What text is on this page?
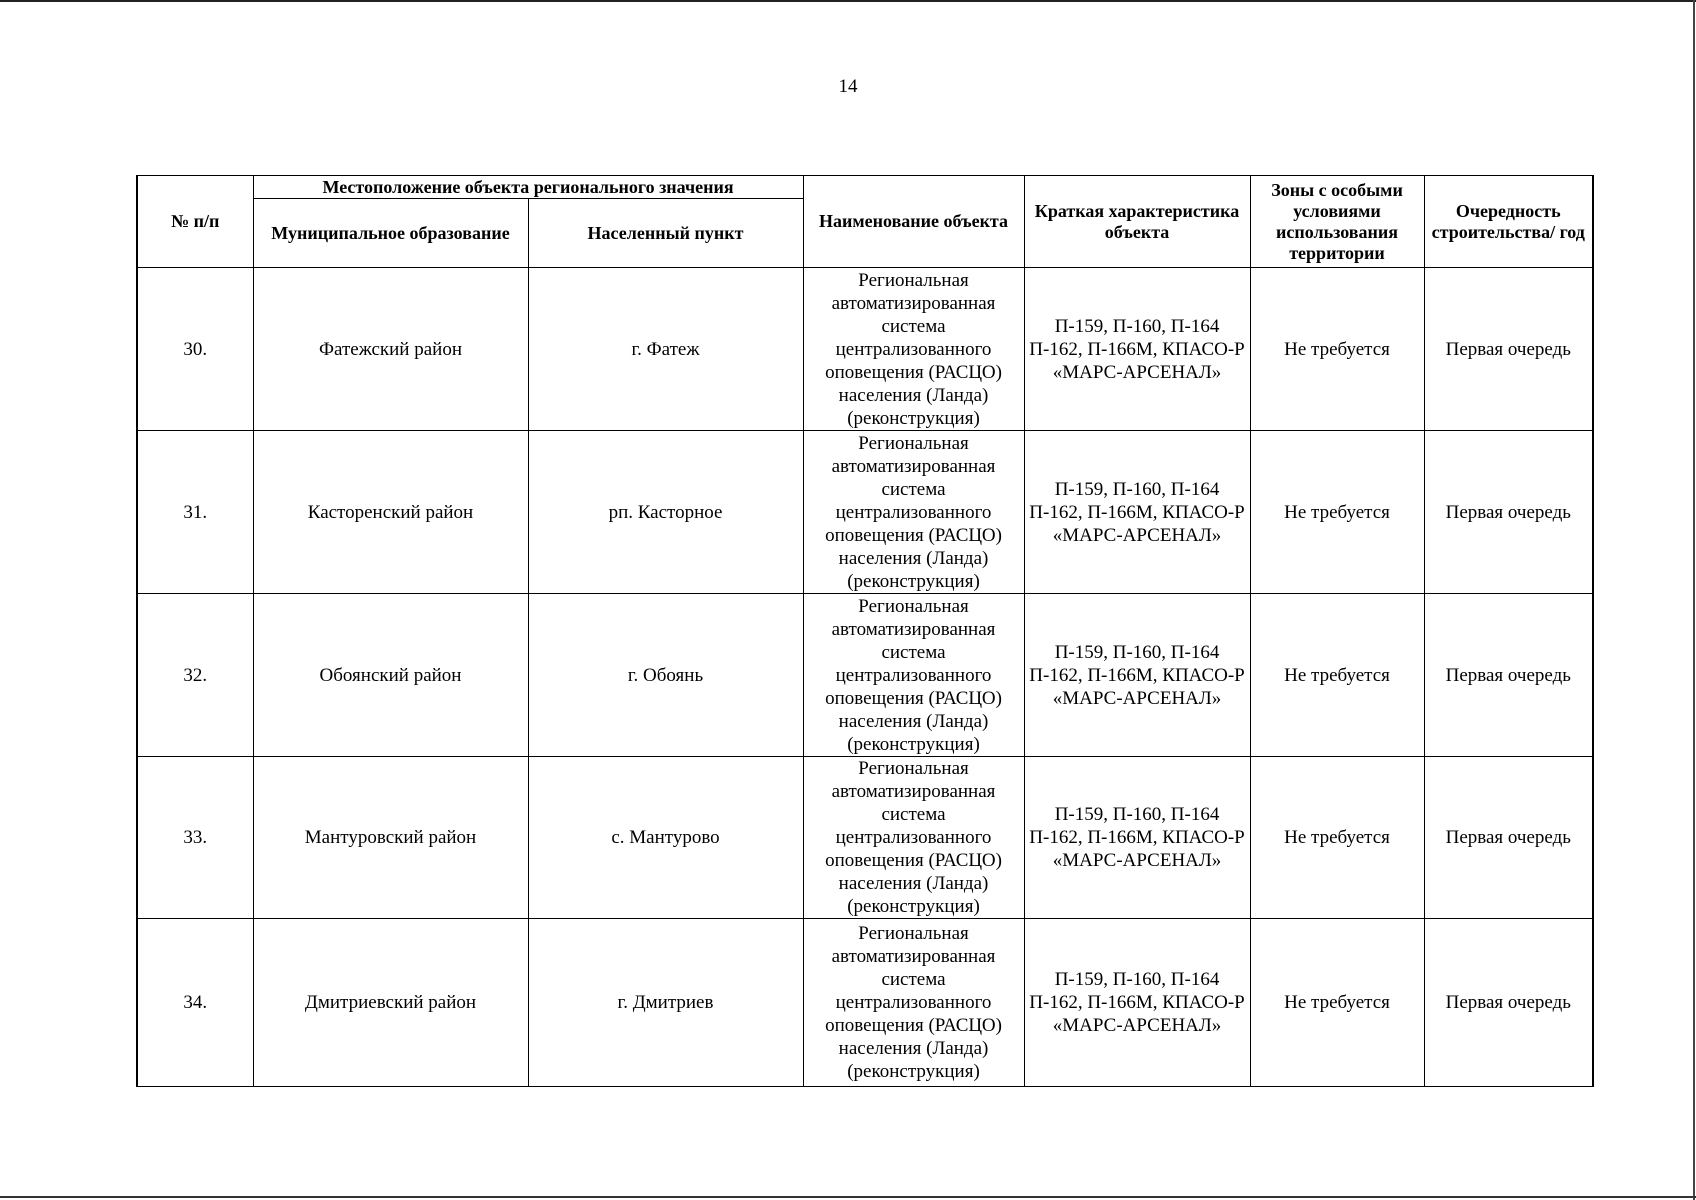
14
№ п/п	Местоположение объекта регионального значения		Наименование объекта	Краткая характеристика объекта	Зоны с особыми условиями использования территории	Очередность строительства/ год
	Муниципальное образование	Населенный пункт				
30.	Фатежский район	г. Фатеж	Региональная автоматизированная система централизованного оповещения (РАСЦО) населения (Ланда) (реконструкция)	П-159, П-160, П-164 П-162, П-166М, КПАСО-Р «МАРС-АРСЕНАЛ»	Не требуется	Первая очередь
31.	Касторенский район	рп. Касторное	Региональная автоматизированная система централизованного оповещения (РАСЦО) населения (Ланда) (реконструкция)	П-159, П-160, П-164 П-162, П-166М, КПАСО-Р «МАРС-АРСЕНАЛ»	Не требуется	Первая очередь
32.	Обоянский район	г. Обоянь	Региональная автоматизированная система централизованного оповещения (РАСЦО) населения (Ланда) (реконструкция)	П-159, П-160, П-164 П-162, П-166М, КПАСО-Р «МАРС-АРСЕНАЛ»	Не требуется	Первая очередь
33.	Мантуровский район	с. Мантурово	Региональная автоматизированная система централизованного оповещения (РАСЦО) населения (Ланда) (реконструкция)	П-159, П-160, П-164 П-162, П-166М, КПАСО-Р «МАРС-АРСЕНАЛ»	Не требуется	Первая очередь
34.	Дмитриевский район	г. Дмитриев	Региональная автоматизированная система централизованного оповещения (РАСЦО) населения (Ланда) (реконструкция)	П-159, П-160, П-164 П-162, П-166М, КПАСО-Р «МАРС-АРСЕНАЛ»	Не требуется	Первая очередь
